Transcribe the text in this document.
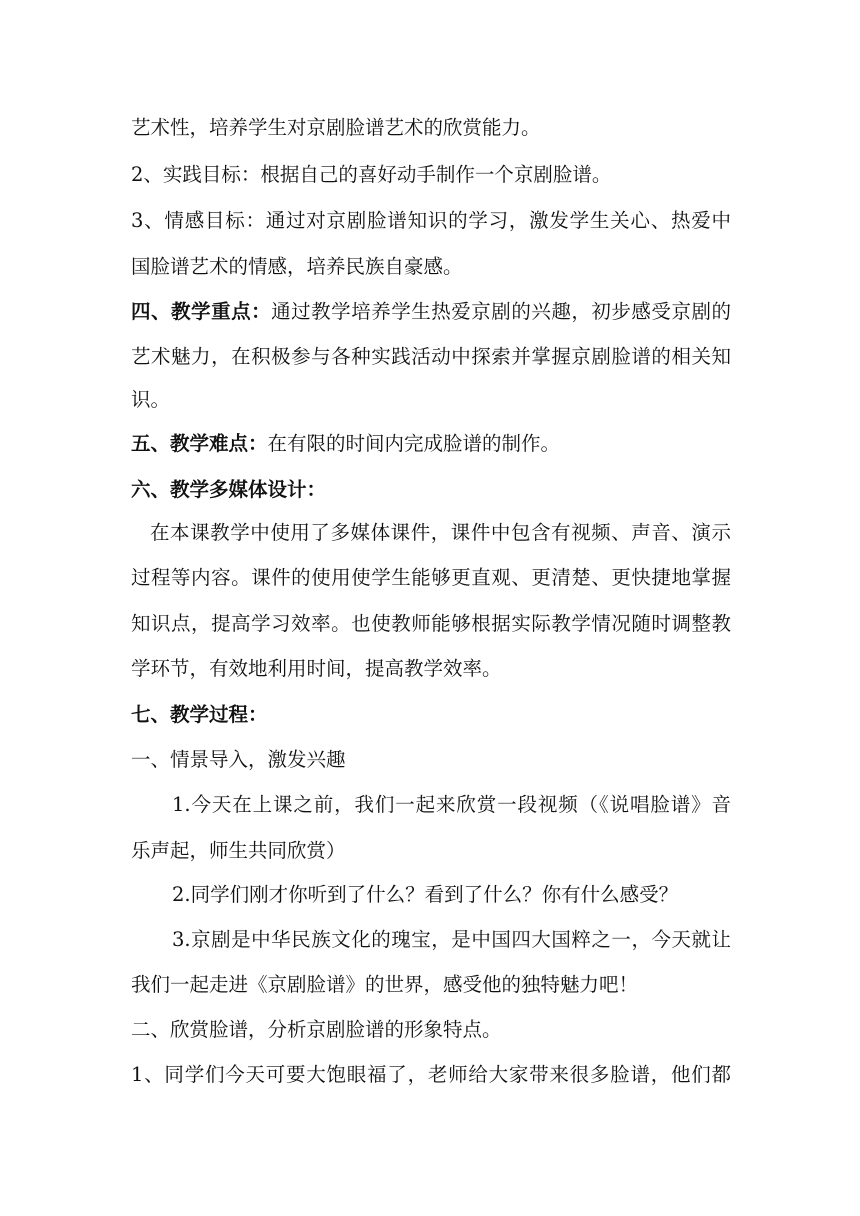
艺术性，培养学生对京剧脸谱艺术的欣赏能力。
2、实践目标：根据自己的喜好动手制作一个京剧脸谱。
3、情感目标：通过对京剧脸谱知识的学习，激发学生关心、热爱中
国脸谱艺术的情感，培养民族自豪感。
四、教学重点：通过教学培养学生热爱京剧的兴趣，初步感受京剧的
艺术魅力，在积极参与各种实践活动中探索并掌握京剧脸谱的相关知
识。
五、教学难点：在有限的时间内完成脸谱的制作。
六、教学多媒体设计：
在本课教学中使用了多媒体课件，课件中包含有视频、声音、演示
过程等内容。课件的使用使学生能够更直观、更清楚、更快捷地掌握
知识点，提高学习效率。也使教师能够根据实际教学情况随时调整教
学环节，有效地利用时间，提高教学效率。
七、教学过程：
一、情景导入，激发兴趣
1.今天在上课之前，我们一起来欣赏一段视频（《说唱脸谱》音
乐声起，师生共同欣赏）
2.同学们刚才你听到了什么？看到了什么？你有什么感受？
3.京剧是中华民族文化的瑰宝，是中国四大国粹之一，今天就让
我们一起走进《京剧脸谱》的世界，感受他的独特魅力吧！
二、欣赏脸谱，分析京剧脸谱的形象特点。
1、同学们今天可要大饱眼福了，老师给大家带来很多脸谱，他们都
